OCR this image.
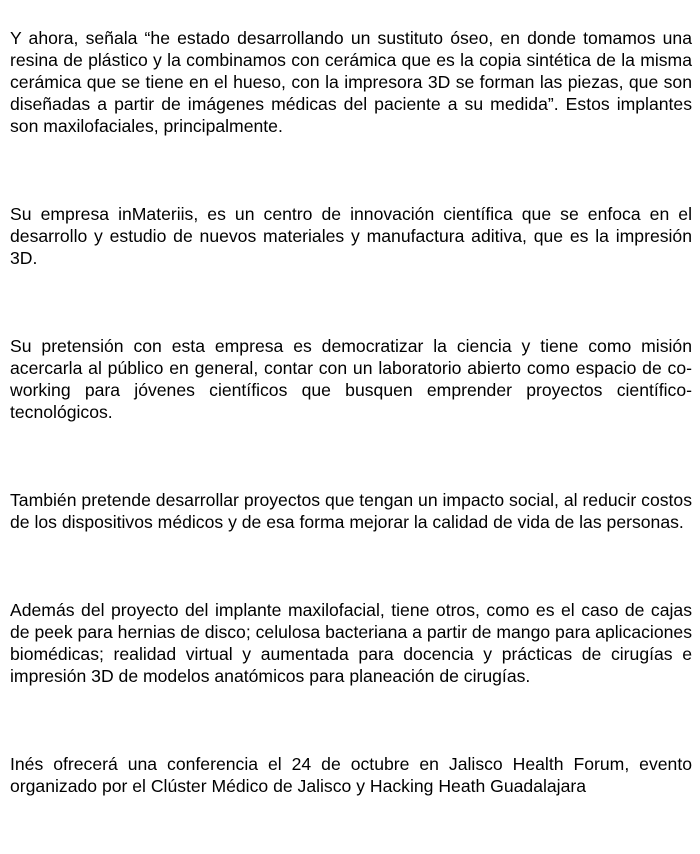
Y ahora, señala “he estado desarrollando un sustituto óseo, en donde tomamos una resina de plástico y la combinamos con cerámica que es la copia sintética de la misma cerámica que se tiene en el hueso, con la impresora 3D se forman las piezas, que son diseñadas a partir de imágenes médicas del paciente a su medida”. Estos implantes son maxilofaciales, principalmente.

Su empresa inMateriis, es un centro de innovación científica que se enfoca en el desarrollo y estudio de nuevos materiales y manufactura aditiva, que es la impresión 3D.

Su pretensión con esta empresa es democratizar la ciencia y tiene como misión acercarla al público en general, contar con un laboratorio abierto como espacio de co-working para jóvenes científicos que busquen emprender proyectos científico-tecnológicos.

También pretende desarrollar proyectos que tengan un impacto social, al reducir costos de los dispositivos médicos y de esa forma mejorar la calidad de vida de las personas.

Además del proyecto del implante maxilofacial, tiene otros, como es el caso de cajas de peek para hernias de disco; celulosa bacteriana a partir de mango para aplicaciones biomédicas; realidad virtual y aumentada para docencia y prácticas de cirugías e impresión 3D de modelos anatómicos para planeación de cirugías.

Inés ofrecerá una conferencia el 24 de octubre en Jalisco Health Forum, evento organizado por el Clúster Médico de Jalisco y Hacking Heath Guadalajara
